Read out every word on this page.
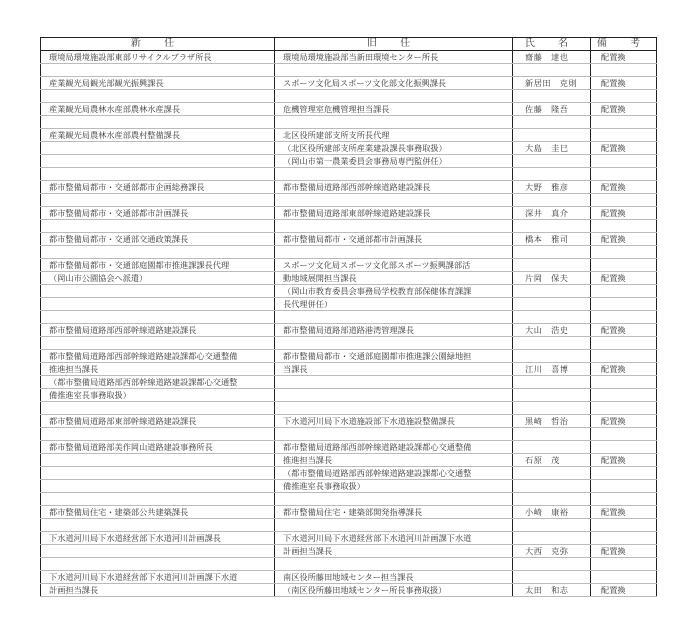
新 任	旧 任	氏 名	備 考
環境局環境施設部東部リサイクルプラザ所長	環境局環境施設部当新田環境センター所長	齋藤　達也	配置換

産業観光局観光部観光振興課長	スポーツ文化局スポーツ文化部文化振興課長	新居田　克則	配置換

産業観光局農林水産部農林水産課長	危機管理室危機管理担当課長	佐藤　隆吾	配置換

産業観光局農林水産部農村整備課長	北区役所建部支所支所長代理		
	（北区役所建部支所産業建設課長事務取扱）	大島　圭巳	配置換
	（岡山市第一農業委員会事務局専門監併任）		

都市整備局都市・交通部都市企画総務課長	都市整備局道路部西部幹線道路建設課長	大野　雅彦	配置換

都市整備局都市・交通部都市計画課長	都市整備局道路部東部幹線道路建設課長	深井　真介	配置換

都市整備局都市・交通部交通政策課長	都市整備局都市・交通部都市計画課長	橋本　雅司	配置換

都市整備局都市・交通部庭園都市推進課課長代理	スポーツ文化局スポーツ文化部スポーツ振興課部活		
（岡山市公園協会へ派遣）	動地域展開担当課長	片岡　保夫	配置換
	（岡山市教育委員会事務局学校教育部保健体育課課		
	長代理併任）		

都市整備局道路部西部幹線道路建設課長	都市整備局道路部道路港湾管理課長	大山　浩史	配置換

都市整備局道路部西部幹線道路建設課都心交通整備	都市整備局都市・交通部庭園都市推進課公園緑地担		
推進担当課長	当課長	江川　喜博	配置換
（都市整備局道路部西部幹線道路建設課都心交通整			
備推進室長事務取扱）			

都市整備局道路部東部幹線道路建設課長	下水道河川局下水道施設部下水道施設整備課長	黒崎　哲治	配置換

都市整備局道路部美作岡山道路建設事務所長	都市整備局道路部西部幹線道路建設課都心交通整備		
	推進担当課長	石原　茂	配置換
	（都市整備局道路部西部幹線道路建設課都心交通整		
	備推進室長事務取扱）		

都市整備局住宅・建築部公共建築課長	都市整備局住宅・建築部開発指導課長	小崎　康裕	配置換

下水道河川局下水道経営部下水道河川計画課長	下水道河川局下水道経営部下水道河川計画課下水道		
	計画担当課長	大西　克弥	配置換

下水道河川局下水道経営部下水道河川計画課下水道	南区役所藤田地域センター担当課長		
計画担当課長	（南区役所藤田地域センター所長事務取扱）	太田　和志	配置換
